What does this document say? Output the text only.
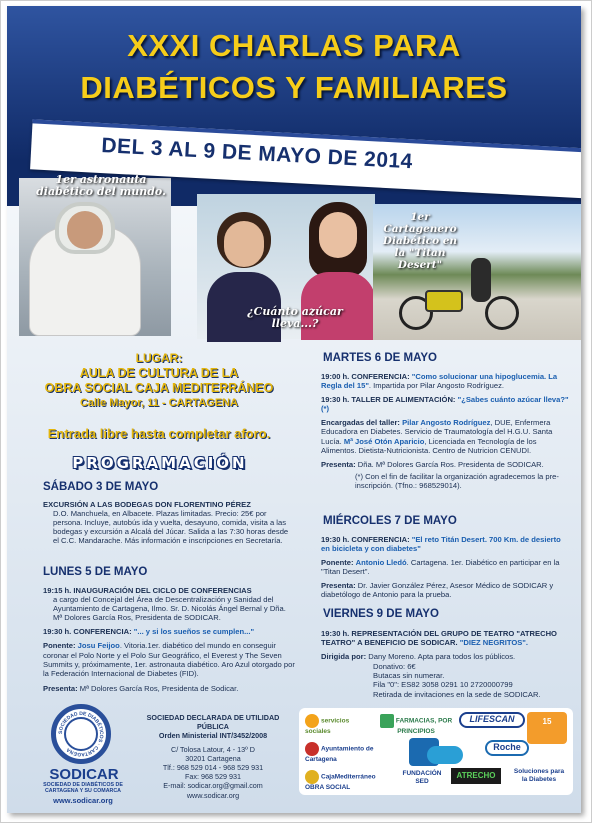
XXXI CHARLAS PARA
DIABÉTICOS Y FAMILIARES
DEL 3 AL 9 DE MAYO DE 2014
1er astronauta diabético del mundo.
¿Cuánto azúcar lleva...?
1er Cartagenero Diabético en la "Titan Desert"
LUGAR:
AULA DE CULTURA DE LA
OBRA SOCIAL CAJA MEDITERRÁNEO
Calle Mayor, 11 - CARTAGENA
Entrada libre hasta completar aforo.
PROGRAMACIÓN
SÁBADO 3 DE MAYO
EXCURSIÓN A LAS BODEGAS DON FLORENTINO PÉREZ
D.O. Manchuela, en Albacete. Plazas limitadas. Precio: 25€ por persona. Incluye, autobús ida y vuelta, desayuno, comida, visita a las bodegas y excursión a Alcalá del Júcar. Salida a las 7:30 horas desde el C.C. Mandarache. Más información e inscripciones en Secretaría.
LUNES 5 DE MAYO

19:15 h. INAUGURACIÓN DEL CICLO DE CONFERENCIAS

a cargo del Concejal del Área de Descentralización y Sanidad del Ayuntamiento de Cartagena, Ilmo. Sr. D. Nicolás Ángel Bernal y Dña. Mª Dolores García Ros, Presidenta de SODICAR.

19:30 h. CONFERENCIA: "... y si los sueños se cumplen..."

Ponente: Josu Feijoo. Vitoria.1er. diabético del mundo en conseguir coronar el Polo Norte y el Polo Sur Geográfico, el Everest y The Seven Summits y, próximamente, 1er. astronauta diabético. Aro Azul otorgado por la Federación Internacional de Diabetes (FID).

Presenta: Mª Dolores García Ros, Presidenta de Sodicar.

MARTES 6 DE MAYO

19:00 h. CONFERENCIA: "Como solucionar una hipoglucemia. La Regla del 15". Impartida por Pilar Angosto Rodríguez.

19:30 h. TALLER DE ALIMENTACIÓN: "¿Sabes cuánto azúcar lleva?" (*)

Encargadas del taller: Pilar Angosto Rodríguez, DUE, Enfermera Educadora en Diabetes. Servicio de Traumatología del H.G.U. Santa Lucía. Mª José Otón Aparicio, Licenciada en Tecnología de los Alimentos. Dietista-Nutricionista. Centro de Nutricion CENUDI.

Presenta: Dña. Mª Dolores García Ros. Presidenta de SODICAR.

(*) Con el fin de facilitar la organización agradecemos la pre-inscripción. (Tfno.: 968529014).

MIÉRCOLES 7 DE MAYO

19:30 h. CONFERENCIA: "El reto Titán Desert. 700 Km. de desierto en bicicleta y con diabetes"

Ponente: Antonio Lledó. Cartagena. 1er. Diabético en participar en la "Titan Desert".

Presenta: Dr. Javier González Pérez, Asesor Médico de SODICAR y diabetólogo de Antonio para la prueba.

VIERNES 9 DE MAYO

19:30 h. REPRESENTACIÓN DEL GRUPO DE TEATRO "ATRECHO TEATRO" A BENEFICIO DE SODICAR. "DIEZ NEGRITOS".

Dirigida por: Dany Moreno. Apta para todos los públicos.

Donativo: 6€
Butacas sin numerar.
Fila "0": ES82 3058 0291 10 2720000799
Retirada de invitaciones en la sede de SODICAR.
SOCIEDAD DE DIABÉTICOS · CARTAGENA
SODICAR
SOCIEDAD DE DIABÉTICOS DE CARTAGENA Y SU COMARCA
www.sodicar.org
SOCIEDAD DECLARADA DE UTILIDAD PÚBLICA
Orden Ministerial INT/3452/2008
C/ Tolosa Latour, 4 - 13º D
30201 Cartagena
Tlf.: 968 529 014 - 968 529 931
Fax: 968 529 931
E-mail: sodicar.org@gmail.com
www.sodicar.org
servicios sociales
FARMACIAS, POR PRINCIPIOS
LIFESCAN	15
Ayuntamiento de Cartagena
Roche
CajaMediterráneo OBRA SOCIAL
FUNDACIÓN SED
ATRECHO	Soluciones para la Diabetes
